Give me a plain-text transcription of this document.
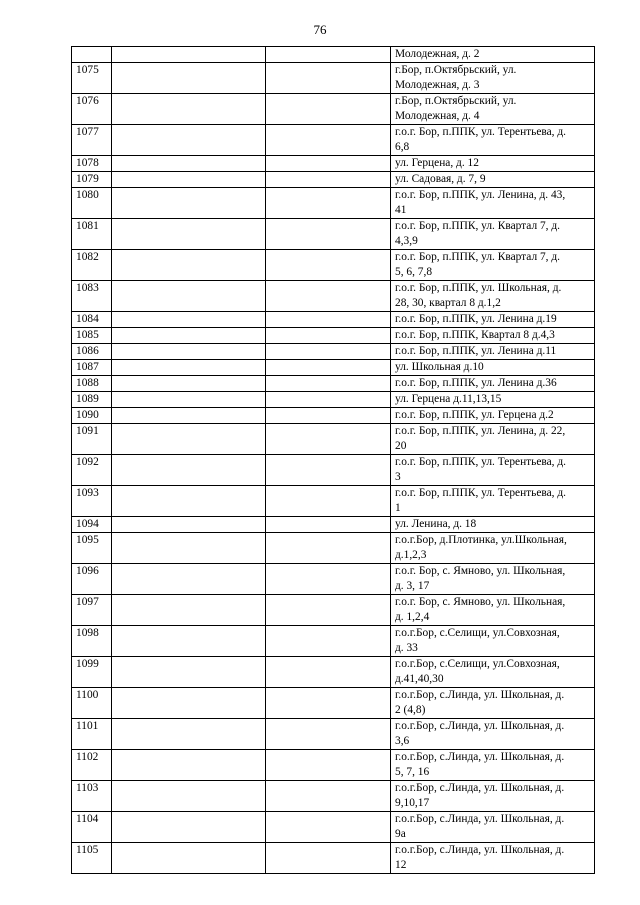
76
			Молодежная, д. 2
1075			г.Бор, п.Октябрьский, ул.
Молодежная, д. 3
1076			г.Бор, п.Октябрьский, ул.
Молодежная, д. 4
1077			г.о.г. Бор, п.ППК, ул. Терентьева, д.
6,8
1078			ул. Герцена, д. 12
1079			ул. Садовая, д. 7, 9
1080			г.о.г. Бор, п.ППК, ул. Ленина, д. 43,
41
1081			г.о.г. Бор, п.ППК, ул. Квартал 7, д.
4,3,9
1082			г.о.г. Бор, п.ППК, ул. Квартал 7, д.
5, 6, 7,8
1083			г.о.г. Бор, п.ППК, ул. Школьная, д.
28, 30, квартал 8 д.1,2
1084			г.о.г. Бор, п.ППК, ул. Ленина д.19
1085			г.о.г. Бор, п.ППК, Квартал 8 д.4,3
1086			г.о.г. Бор, п.ППК, ул. Ленина д.11
1087			ул. Школьная д.10
1088			г.о.г. Бор, п.ППК, ул. Ленина д.36
1089			ул. Герцена д.11,13,15
1090			г.о.г. Бор, п.ППК, ул. Герцена д.2
1091			г.о.г. Бор, п.ППК, ул. Ленина, д. 22,
20
1092			г.о.г. Бор, п.ППК, ул. Терентьева, д.
3
1093			г.о.г. Бор, п.ППК, ул. Терентьева, д.
1
1094			ул. Ленина, д. 18
1095			г.о.г.Бор, д.Плотинка, ул.Школьная,
д.1,2,3
1096			г.о.г. Бор, с. Ямново, ул. Школьная,
д. 3, 17
1097			г.о.г. Бор, с. Ямново, ул. Школьная,
д. 1,2,4
1098			г.о.г.Бор, с.Селищи, ул.Совхозная,
д. 33
1099			г.о.г.Бор, с.Селищи, ул.Совхозная,
д.41,40,30
1100			г.о.г.Бор, с.Линда, ул. Школьная, д.
2 (4,8)
1101			г.о.г.Бор, с.Линда, ул. Школьная, д.
3,6
1102			г.о.г.Бор, с.Линда, ул. Школьная, д.
5, 7, 16
1103			г.о.г.Бор, с.Линда, ул. Школьная, д.
9,10,17
1104			г.о.г.Бор, с.Линда, ул. Школьная, д.
9а
1105			г.о.г.Бор, с.Линда, ул. Школьная, д.
12
